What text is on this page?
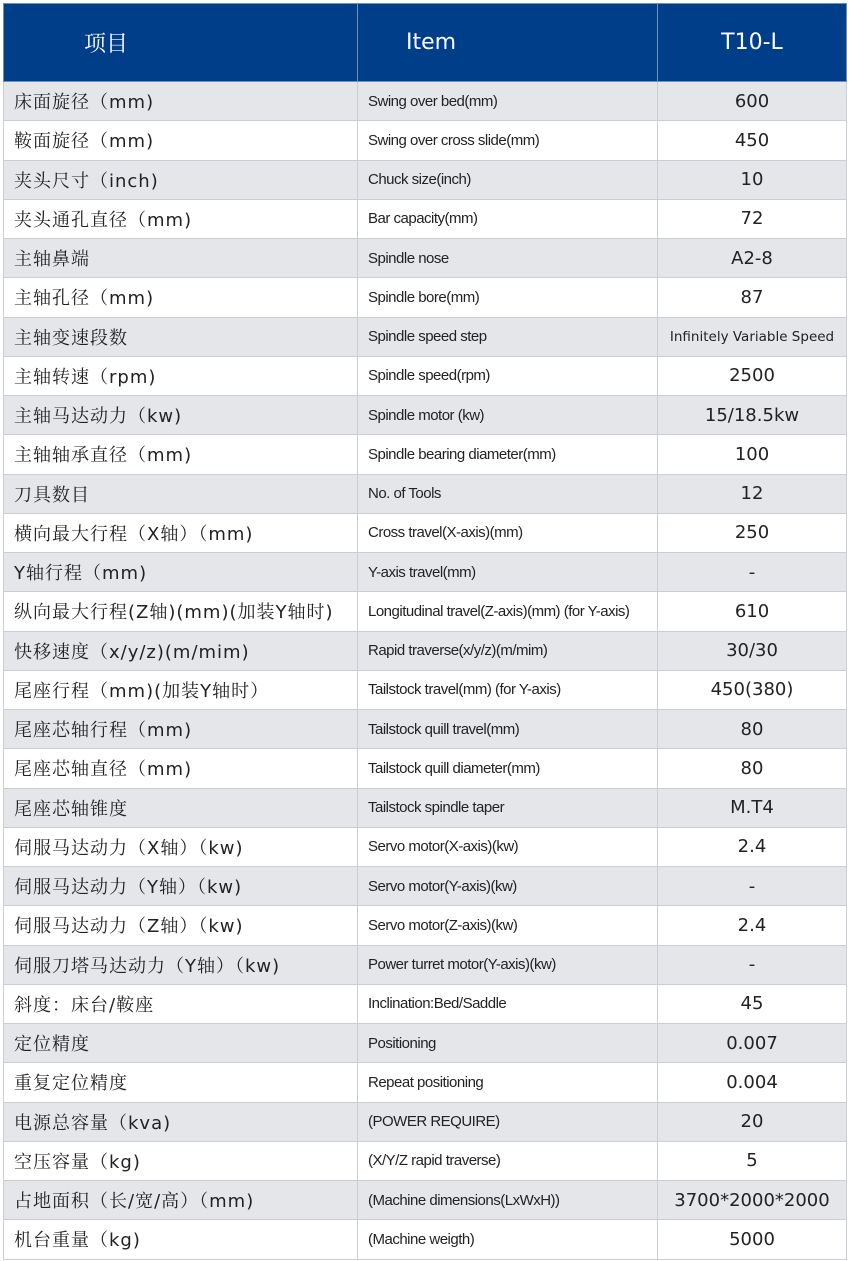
项目	Item	T10-L
床面旋径（mm)	Swing over bed(mm)	600
鞍面旋径（mm)	Swing over cross slide(mm)	450
夹头尺寸（inch)	Chuck size(inch)	10
夹头通孔直径（mm)	Bar capacity(mm)	72
主轴鼻端	Spindle nose	A2-8
主轴孔径（mm)	Spindle bore(mm)	87
主轴变速段数	Spindle speed step	Infinitely Variable Speed
主轴转速（rpm)	Spindle speed(rpm)	2500
主轴马达动力（kw)	Spindle motor (kw)	15/18.5kw
主轴轴承直径（mm)	Spindle bearing diameter(mm)	100
刀具数目	No. of Tools	12
横向最大行程（X轴）（mm)	Cross travel(X-axis)(mm)	250
Y轴行程（mm)	Y-axis travel(mm)	-
纵向最大行程(Z轴)(mm)(加装Y轴时)	Longitudinal travel(Z-axis)(mm) (for Y-axis)	610
快移速度（x/y/z)(m/mim)	Rapid traverse(x/y/z)(m/mim)	30/30
尾座行程（mm)(加装Y轴时）	Tailstock travel(mm) (for Y-axis)	450(380)
尾座芯轴行程（mm)	Tailstock quill travel(mm)	80
尾座芯轴直径（mm)	Tailstock quill diameter(mm)	80
尾座芯轴锥度	Tailstock spindle taper	M.T4
伺服马达动力（X轴）（kw)	Servo motor(X-axis)(kw)	2.4
伺服马达动力（Y轴）（kw)	Servo motor(Y-axis)(kw)	-
伺服马达动力（Z轴）（kw)	Servo motor(Z-axis)(kw)	2.4
伺服刀塔马达动力（Y轴）（kw)	Power turret motor(Y-axis)(kw)	-
斜度：床台/鞍座	Inclination:Bed/Saddle	45
定位精度	Positioning	0.007
重复定位精度	Repeat positioning	0.004
电源总容量（kva)	(POWER REQUIRE)	20
空压容量（kg)	(X/Y/Z rapid traverse)	5
占地面积（长/宽/高）（mm)	(Machine dimensions(LxWxH))	3700*2000*2000
机台重量（kg)	(Machine weigth)	5000
